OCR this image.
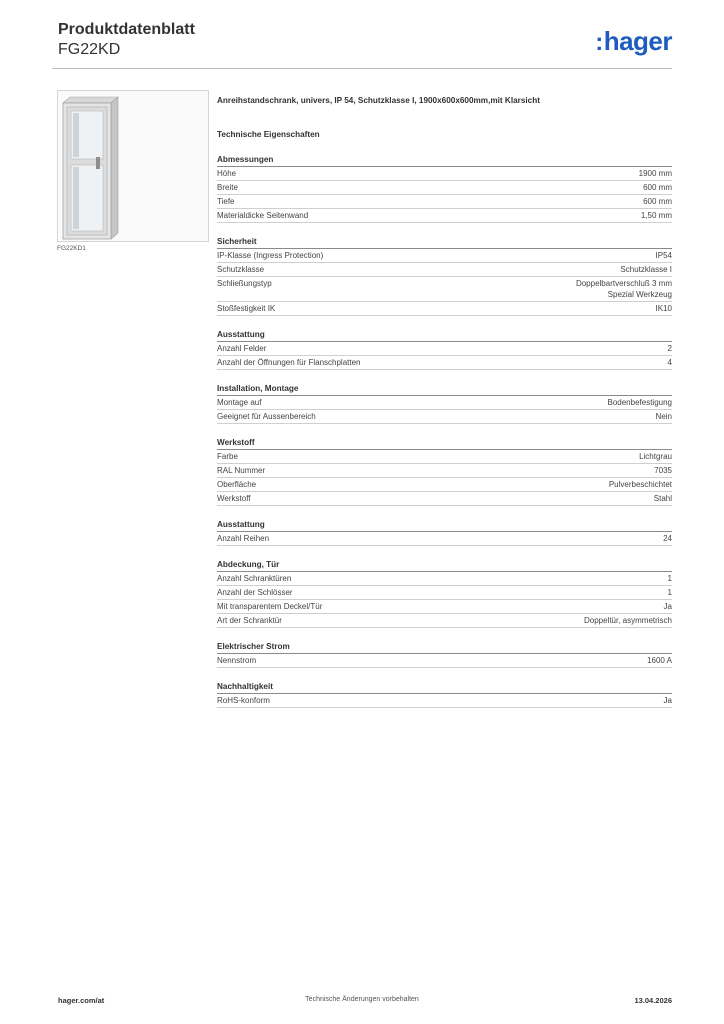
Produktdatenblatt
FG22KD	:hager
FG22KD1
Anreihstandschrank, univers, IP 54, Schutzklasse I, 1900x600x600mm,mit Klarsicht
Technische Eigenschaften
Abmessungen
Höhe	1900 mm
Breite	600 mm
Tiefe	600 mm
Materialdicke Seitenwand	1,50 mm
Sicherheit
IP-Klasse (Ingress Protection)	IP54
Schutzklasse	Schutzklasse I
Schließungstyp	Doppelbartverschluß 3 mm
Spezial Werkzeug
Stoßfestigkeit IK	IK10
Ausstattung
Anzahl Felder	2
Anzahl der Öffnungen für Flanschplatten	4
Installation, Montage
Montage auf	Bodenbefestigung
Geeignet für Aussenbereich	Nein
Werkstoff
Farbe	Lichtgrau
RAL Nummer	7035
Oberfläche	Pulverbeschichtet
Werkstoff	Stahl
Ausstattung
Anzahl Reihen	24
Abdeckung, Tür
Anzahl Schranktüren	1
Anzahl der Schlösser	1
Mit transparentem Deckel/Tür	Ja
Art der Schranktür	Doppeltür, asymmetrisch
Elektrischer Strom
Nennstrom	1600 A
Nachhaltigkeit
RoHS-konform	Ja
hager.com/at	Technische Änderungen vorbehalten	13.04.2026
